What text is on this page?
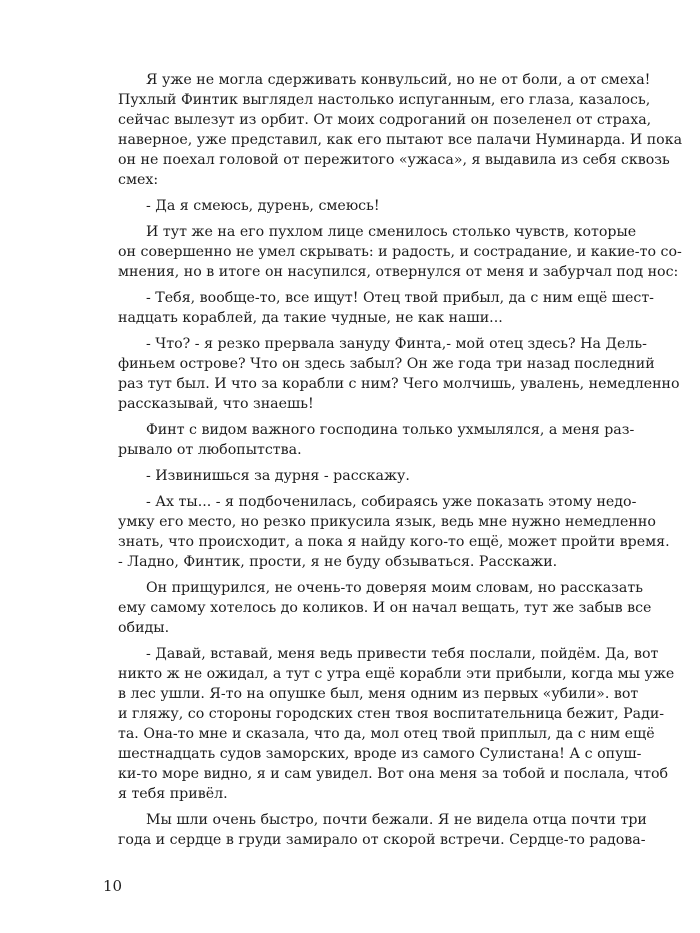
Я уже не могла сдерживать конвульсий, но не от боли, а от смеха!
Пухлый Финтик выглядел настолько испуганным, его глаза, казалось,
сейчас вылезут из орбит. От моих содроганий он позеленел от страха,
наверное, уже представил, как его пытают все палачи Нуминарда. И пока
он не поехал головой от пережитого «ужаса», я выдавила из себя сквозь
смех:
- Да я смеюсь, дурень, смеюсь!
И тут же на его пухлом лице сменилось столько чувств, которые
он совершенно не умел скрывать: и радость, и сострадание, и какие-то со-
мнения, но в итоге он насупился, отвернулся от меня и забурчал под нос:
- Тебя, вообще-то, все ищут! Отец твой прибыл, да с ним ещё шест-
надцать кораблей, да такие чудные, не как наши...
- Что? - я резко прервала зануду Финта,- мой отец здесь? На Дель-
финьем острове? Что он здесь забыл? Он же года три назад последний
раз тут был. И что за корабли с ним? Чего молчишь, увалень, немедленно
рассказывай, что знаешь!
Финт с видом важного господина только ухмылялся, а меня раз-
рывало от любопытства.
- Извинишься за дурня - расскажу.
- Ах ты... - я подбоченилась, собираясь уже показать этому недо-
умку его место, но резко прикусила язык, ведь мне нужно немедленно
знать, что происходит, а пока я найду кого-то ещё, может пройти время.
- Ладно, Финтик, прости, я не буду обзываться. Расскажи.
Он прищурился, не очень-то доверяя моим словам, но рассказать
ему самому хотелось до коликов. И он начал вещать, тут же забыв все
обиды.
- Давай, вставай, меня ведь привести тебя послали, пойдём. Да, вот
никто ж не ожидал, а тут с утра ещё корабли эти прибыли, когда мы уже
в лес ушли. Я-то на опушке был, меня одним из первых «убили». вот
и гляжу, со стороны городских стен твоя воспитательница бежит, Ради-
та. Она-то мне и сказала, что да, мол отец твой приплыл, да с ним ещё
шестнадцать судов заморских, вроде из самого Сулистана! А с опуш-
ки-то море видно, я и сам увидел. Вот она меня за тобой и послала, чтоб
я тебя привёл.
Мы шли очень быстро, почти бежали. Я не видела отца почти три
года и сердце в груди замирало от скорой встречи. Сердце-то радова-
10
